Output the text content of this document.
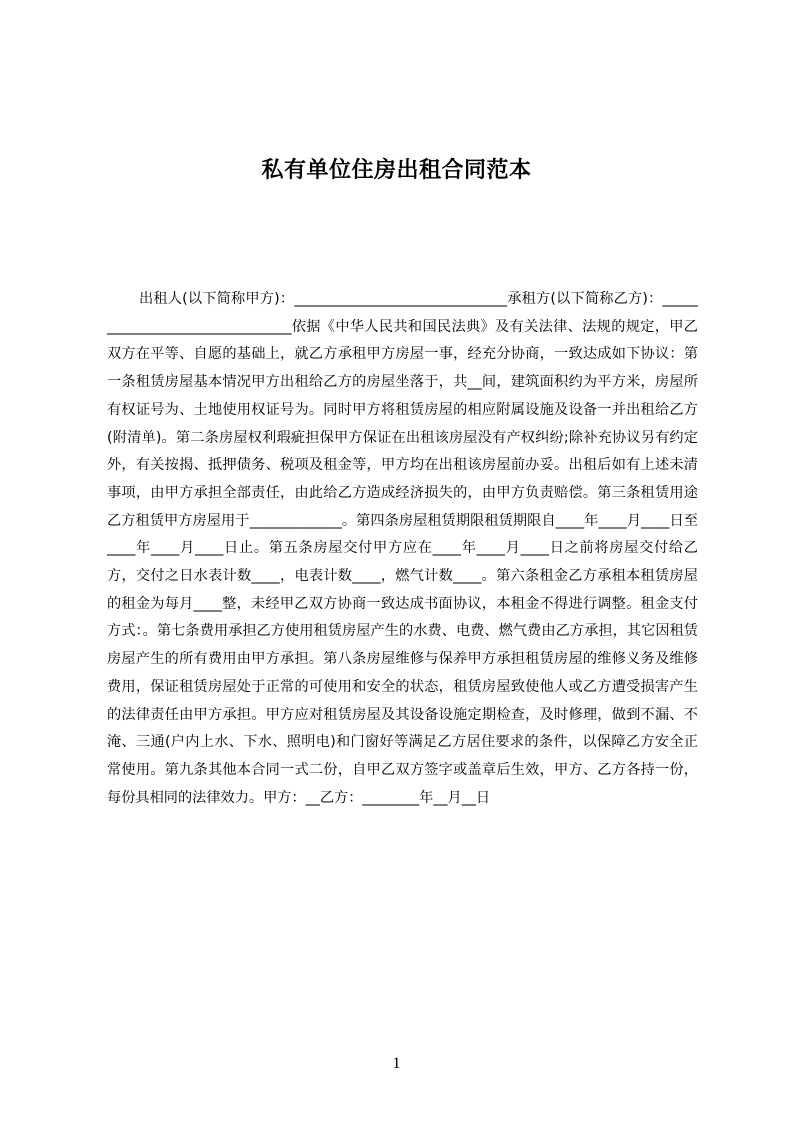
私有单位住房出租合同范本

出租人(以下简称甲方)：______________________________承租方(以下简称乙方)：_______________________________依据《中华人民共和国民法典》及有关法律、法规的规定，甲乙双方在平等、自愿的基础上，就乙方承租甲方房屋一事，经充分协商，一致达成如下协议：第一条租赁房屋基本情况甲方出租给乙方的房屋坐落于，共__间，建筑面积约为平方米，房屋所有权证号为、土地使用权证号为。同时甲方将租赁房屋的相应附属设施及设备一并出租给乙方(附清单)。第二条房屋权利瑕疵担保甲方保证在出租该房屋没有产权纠纷;除补充协议另有约定外，有关按揭、抵押债务、税项及租金等，甲方均在出租该房屋前办妥。出租后如有上述未清事项，由甲方承担全部责任，由此给乙方造成经济损失的，由甲方负责赔偿。第三条租赁用途乙方租赁甲方房屋用于_____________。第四条房屋租赁期限租赁期限自____年____月____日至____年____月____日止。第五条房屋交付甲方应在____年____月____日之前将房屋交付给乙方，交付之日水表计数____，电表计数____，燃气计数____。第六条租金乙方承租本租赁房屋的租金为每月____整，未经甲乙双方协商一致达成书面协议，本租金不得进行调整。租金支付方式：。第七条费用承担乙方使用租赁房屋产生的水费、电费、燃气费由乙方承担，其它因租赁房屋产生的所有费用由甲方承担。第八条房屋维修与保养甲方承担租赁房屋的维修义务及维修费用，保证租赁房屋处于正常的可使用和安全的状态，租赁房屋致使他人或乙方遭受损害产生的法律责任由甲方承担。甲方应对租赁房屋及其设备设施定期检查，及时修理，做到不漏、不淹、三通(户内上水、下水、照明电)和门窗好等满足乙方居住要求的条件，以保障乙方安全正常使用。第九条其他本合同一式二份，自甲乙双方签字或盖章后生效，甲方、乙方各持一份，每份具相同的法律效力。甲方：__乙方：________年__月__日

1
